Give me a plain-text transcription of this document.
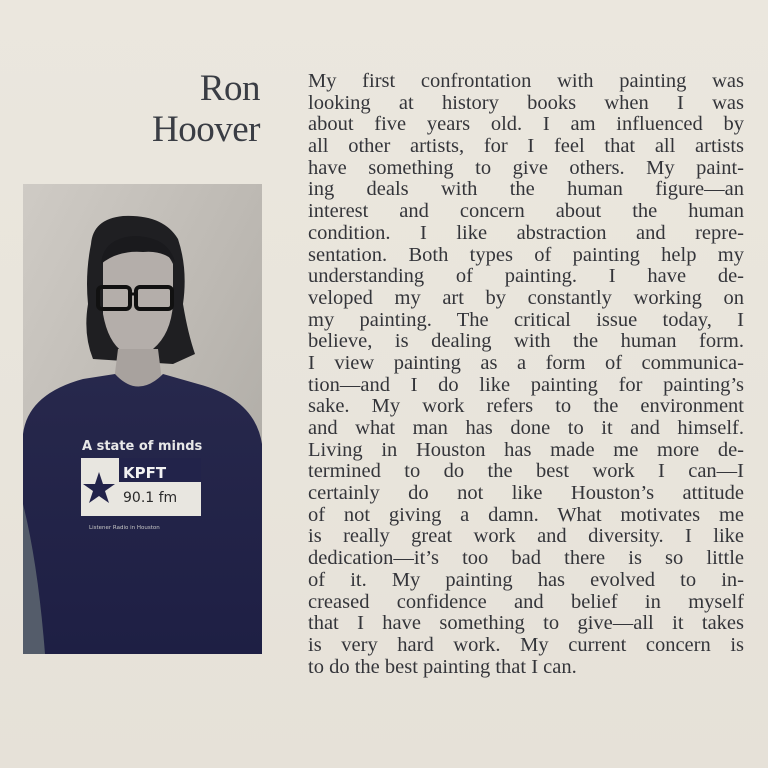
Ron
Hoover
A state of minds
KPFT
90.1 fm
Listener Radio in Houston
My first confrontation with painting was
looking at history books when I was
about five years old. I am influenced by
all other artists, for I feel that all artists
have something to give others. My paint-
ing deals with the human figure—an
interest and concern about the human
condition. I like abstraction and repre-
sentation. Both types of painting help my
understanding of painting. I have de-
veloped my art by constantly working on
my painting. The critical issue today, I
believe, is dealing with the human form.
I view painting as a form of communica-
tion—and I do like painting for painting’s
sake. My work refers to the environment
and what man has done to it and himself.
Living in Houston has made me more de-
termined to do the best work I can—I
certainly do not like Houston’s attitude
of not giving a damn. What motivates me
is really great work and diversity. I like
dedication—it’s too bad there is so little
of it. My painting has evolved to in-
creased confidence and belief in myself
that I have something to give—all it takes
is very hard work. My current concern is
to do the best painting that I can.
